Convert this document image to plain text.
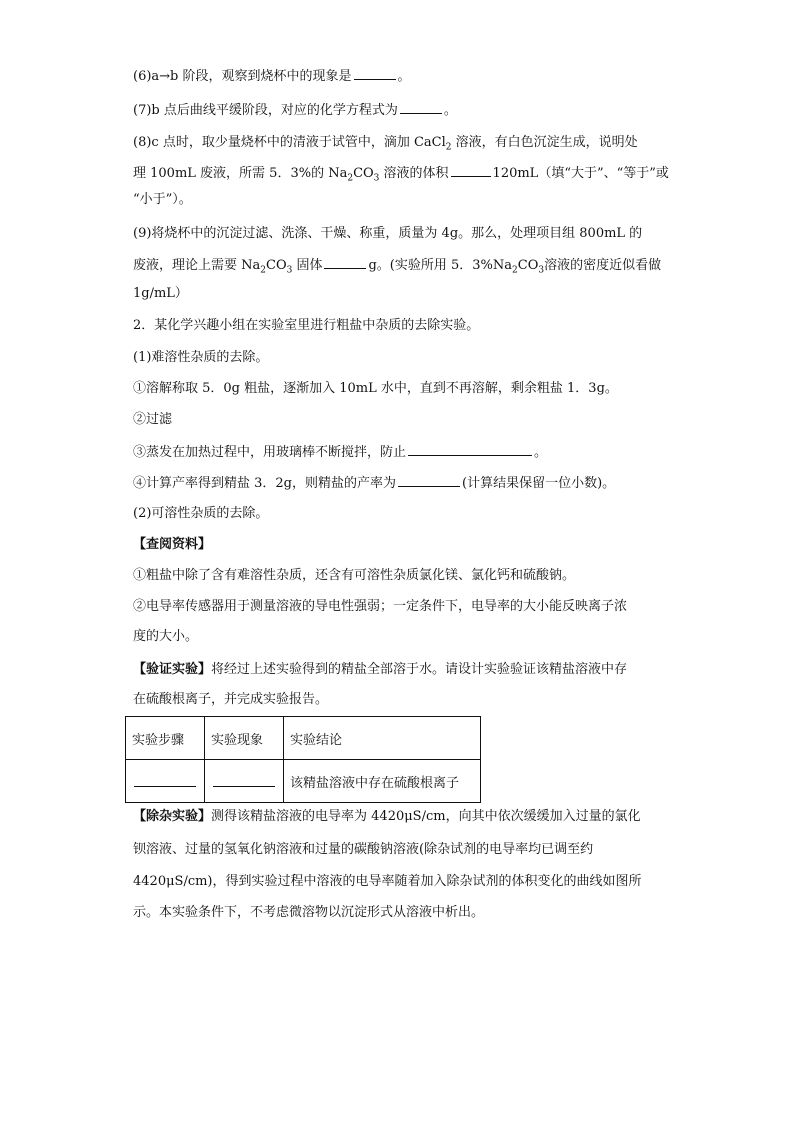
(6)a→b 阶段，观察到烧杯中的现象是	。
(7)b 点后曲线平缓阶段，对应的化学方程式为	。
(8)c 点时，取少量烧杯中的清液于试管中，滴加 CaCl$_2$ 溶液，有白色沉淀生成，说明处
理 100mL 废液，所需 5．3%的 $Na_2CO_3$ 溶液的体积	120mL（填“大于”、“等于”或
“小于”）。
(9)将烧杯中的沉淀过滤、洗涤、干燥、称重，质量为 4g。那么，处理项目组 800mL 的
废液，理论上需要 $Na_2CO_3$ 固体	g。(实验所用 5．$3\%Na_2CO_3$溶液的密度近似看做
1g/mL）
2．某化学兴趣小组在实验室里进行粗盐中杂质的去除实验。
(1)难溶性杂质的去除。
①溶解称取 5．0g 粗盐，逐渐加入 10mL 水中，直到不再溶解，剩余粗盐 1．3g。
②过滤
③蒸发在加热过程中，用玻璃棒不断搅拌，防止	。
④计算产率得到精盐 3．2g，则精盐的产率为	(计算结果保留一位小数)。
(2)可溶性杂质的去除。
【查阅资料】
①粗盐中除了含有难溶性杂质，还含有可溶性杂质氯化镁、氯化钙和硫酸钠。
②电导率传感器用于测量溶液的导电性强弱；一定条件下，电导率的大小能反映离子浓
度的大小。
【验证实验】将经过上述实验得到的精盐全部溶于水。请设计实验验证该精盐溶液中存
在硫酸根离子，并完成实验报告。
实验步骤	实验现象	实验结论
		该精盐溶液中存在硫酸根离子
【除杂实验】测得该精盐溶液的电导率为 4420μS/cm，向其中依次缓缓加入过量的氯化
钡溶液、过量的氢氧化钠溶液和过量的碳酸钠溶液(除杂试剂的电导率均已调至约
4420μS/cm)，得到实验过程中溶液的电导率随着加入除杂试剂的体积变化的曲线如图所
示。本实验条件下，不考虑微溶物以沉淀形式从溶液中析出。
